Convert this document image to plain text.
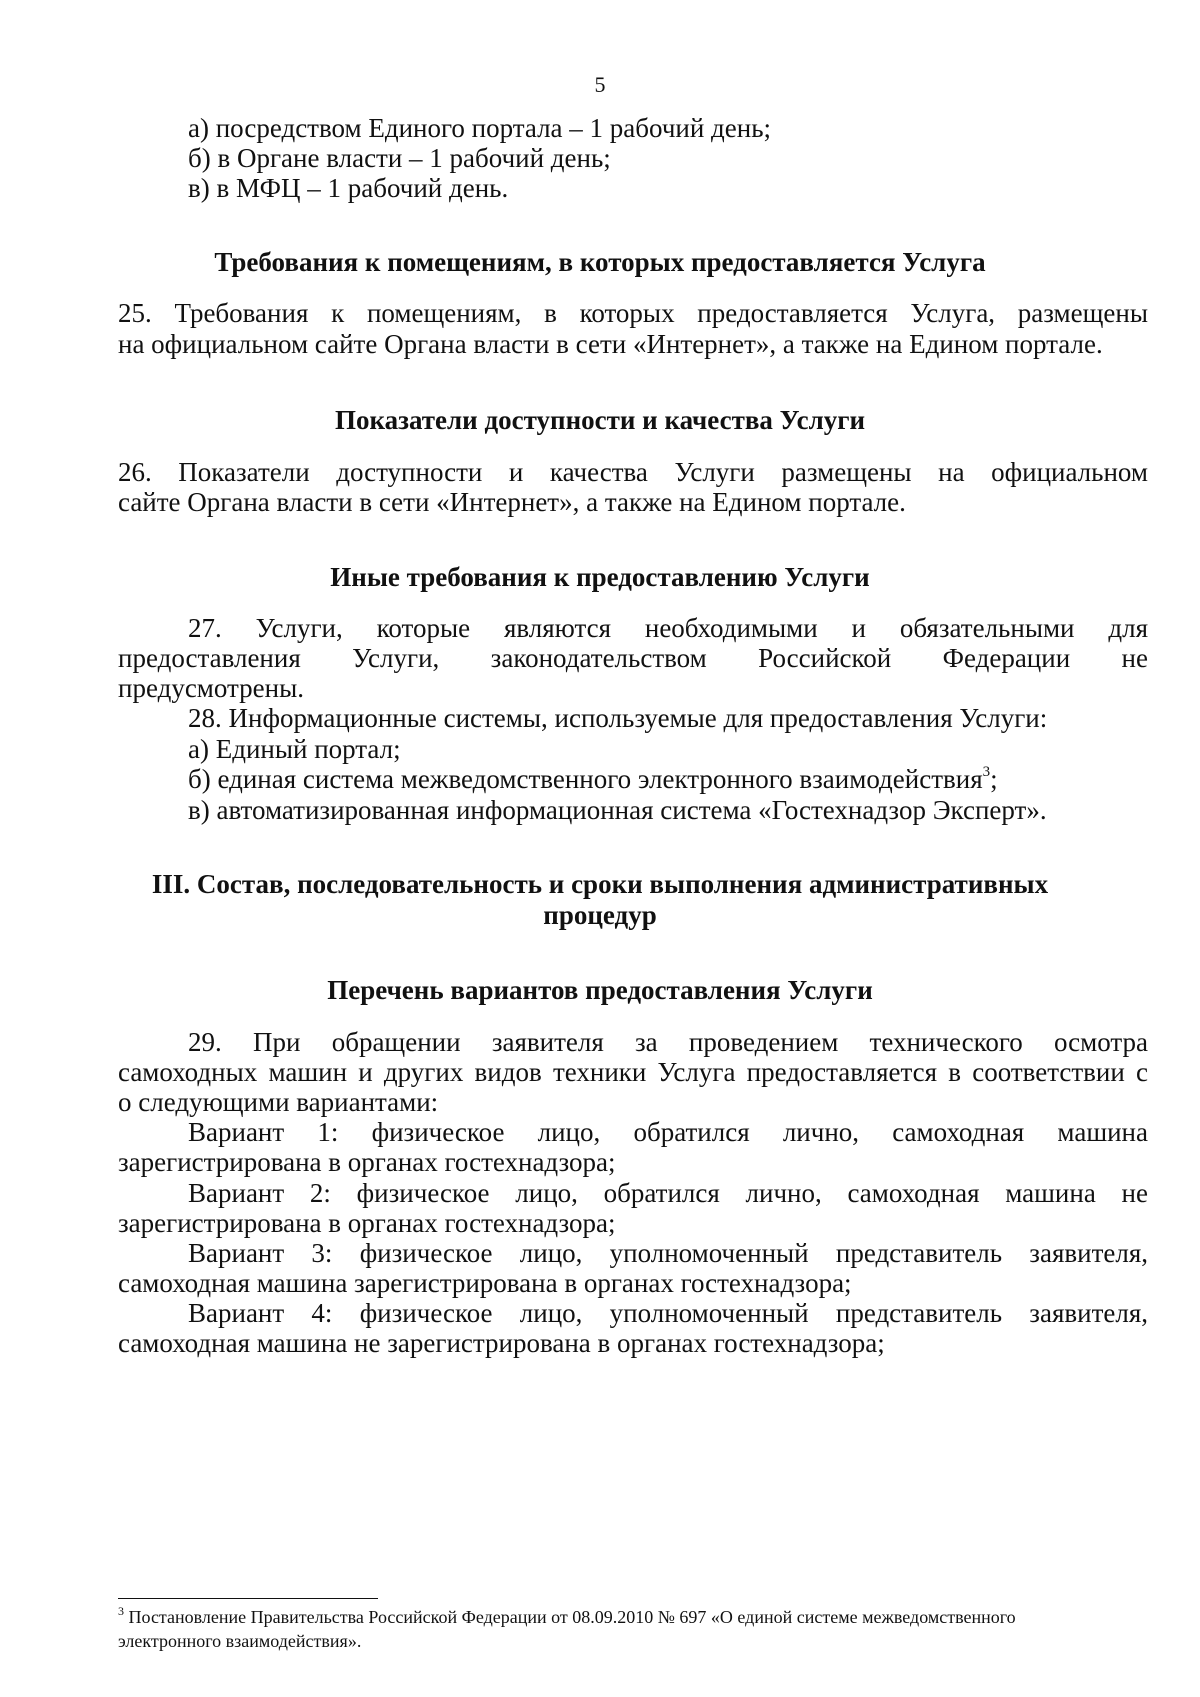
5
а) посредством Единого портала – 1 рабочий день;
б) в Органе власти – 1 рабочий день;
в) в МФЦ – 1 рабочий день.
Требования к помещениям, в которых предоставляется Услуга
25. Требования к помещениям, в которых предоставляется Услуга, размещены
на официальном сайте Органа власти в сети «Интернет», а также на Едином портале.
Показатели доступности и качества Услуги
26. Показатели доступности и качества Услуги размещены на официальном
сайте Органа власти в сети «Интернет», а также на Едином портале.
Иные требования к предоставлению Услуги
27. Услуги, которые являются необходимыми и обязательными для
предоставления Услуги, законодательством Российской Федерации не
предусмотрены.
28. Информационные системы, используемые для предоставления Услуги:
а) Единый портал;
б) единая система межведомственного электронного взаимодействия$^3$;
в) автоматизированная информационная система «Гостехнадзор Эксперт».
III. Состав, последовательность и сроки выполнения административных
процедур
Перечень вариантов предоставления Услуги
29. При обращении заявителя за проведением технического осмотра
самоходных машин и других видов техники Услуга предоставляется в соответствии с
о следующими вариантами:
Вариант 1: физическое лицо, обратился лично, самоходная машина
зарегистрирована в органах гостехнадзора;
Вариант 2: физическое лицо, обратился лично, самоходная машина не
зарегистрирована в органах гостехнадзора;
Вариант 3: физическое лицо, уполномоченный представитель заявителя,
самоходная машина зарегистрирована в органах гостехнадзора;
Вариант 4: физическое лицо, уполномоченный представитель заявителя,
самоходная машина не зарегистрирована в органах гостехнадзора;
$^3$ Постановление Правительства Российской Федерации от 08.09.2010 № 697 «О единой системе межведомственного
электронного взаимодействия».
